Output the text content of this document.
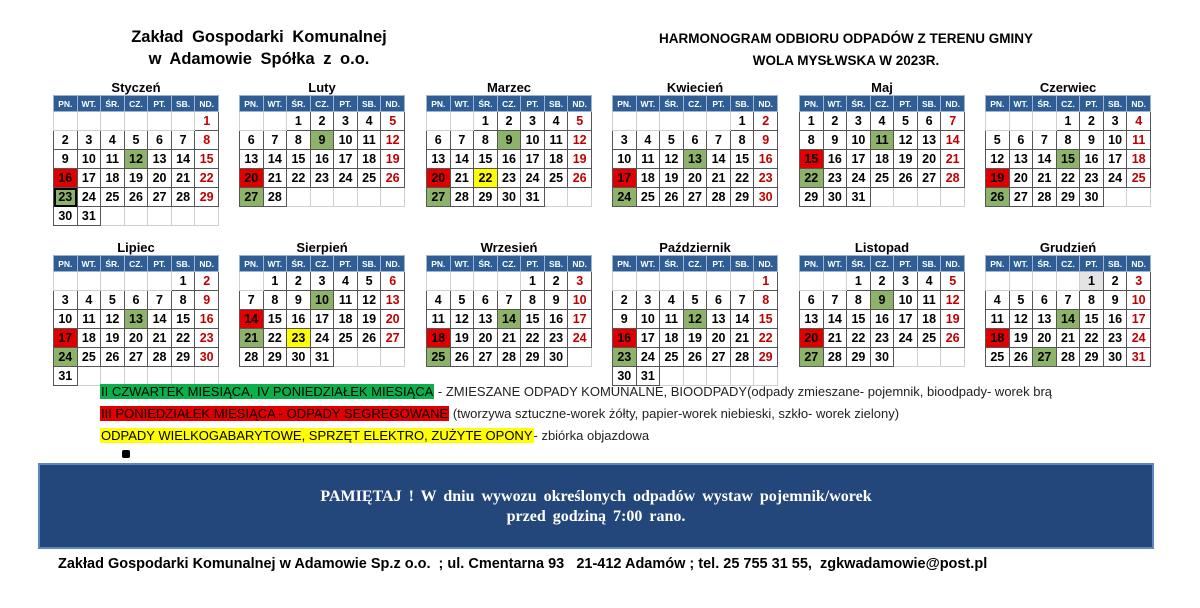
Zakład Gospodarki Komunalnej
w Adamowie Spółka z o.o.
HARMONOGRAM ODBIORU ODPADÓW Z TERENU GMINY
WOLA MYSŁWSKA W 2023R.
Styczeń
PN.	WT.	ŚR.	CZ.	PT.	SB.	ND.
						1
2	3	4	5	6	7	8
9	10	11	12	13	14	15
16	17	18	19	20	21	22
23	24	25	26	27	28	29
30	31					
Luty
PN.	WT.	ŚR.	CZ.	PT.	SB.	ND.
		1	2	3	4	5
6	7	8	9	10	11	12
13	14	15	16	17	18	19
20	21	22	23	24	25	26
27	28					
Marzec
PN.	WT.	ŚR.	CZ.	PT.	SB.	ND.
		1	2	3	4	5
6	7	8	9	10	11	12
13	14	15	16	17	18	19
20	21	22	23	24	25	26
27	28	29	30	31		
Kwiecień
PN.	WT.	ŚR.	CZ.	PT.	SB.	ND.
					1	2
3	4	5	6	7	8	9
10	11	12	13	14	15	16
17	18	19	20	21	22	23
24	25	26	27	28	29	30
Maj
PN.	WT.	ŚR.	CZ.	PT.	SB.	ND.
1	2	3	4	5	6	7
8	9	10	11	12	13	14
15	16	17	18	19	20	21
22	23	24	25	26	27	28
29	30	31				
Czerwiec
PN.	WT.	ŚR.	CZ.	PT.	SB.	ND.
			1	2	3	4
5	6	7	8	9	10	11
12	13	14	15	16	17	18
19	20	21	22	23	24	25
26	27	28	29	30		
Lipiec
PN.	WT.	ŚR.	CZ.	PT.	SB.	ND.
					1	2
3	4	5	6	7	8	9
10	11	12	13	14	15	16
17	18	19	20	21	22	23
24	25	26	27	28	29	30
31						
Sierpień
PN.	WT.	ŚR.	CZ.	PT.	SB.	ND.
	1	2	3	4	5	6
7	8	9	10	11	12	13
14	15	16	17	18	19	20
21	22	23	24	25	26	27
28	29	30	31			
Wrzesień
PN.	WT.	ŚR.	CZ.	PT.	SB.	ND.
				1	2	3
4	5	6	7	8	9	10
11	12	13	14	15	16	17
18	19	20	21	22	23	24
25	26	27	28	29	30	
Październik
PN.	WT.	ŚR.	CZ.	PT.	SB.	ND.
						1
2	3	4	5	6	7	8
9	10	11	12	13	14	15
16	17	18	19	20	21	22
23	24	25	26	27	28	29
30	31					
Listopad
PN.	WT.	ŚR.	CZ.	PT.	SB.	ND.
		1	2	3	4	5
6	7	8	9	10	11	12
13	14	15	16	17	18	19
20	21	22	23	24	25	26
27	28	29	30			
Grudzień
PN.	WT.	ŚR.	CZ.	PT.	SB.	ND.
				1	2	3
4	5	6	7	8	9	10
11	12	13	14	15	16	17
18	19	20	21	22	23	24
25	26	27	28	29	30	31
II CZWARTEK MIESIĄCA, IV PONIEDZIAŁEK MIESIĄCA - ZMIESZANE ODPADY KOMUNALNE, BIOODPADY(odpady zmieszane- pojemnik, bioodpady- worek brą
III PONIEDZIAŁEK MIESIĄCA - ODPADY SEGREGOWANE (tworzywa sztuczne-worek żółty, papier-worek niebieski, szkło- worek zielony)
ODPADY WIELKOGABARYTOWE, SPRZĘT ELEKTRO, ZUŻYTE OPONY- zbiórka objazdowa
PAMIĘTAJ ! W dniu wywozu określonych odpadów wystaw pojemnik/worek
przed godziną 7:00 rano.
Zakład Gospodarki Komunalnej w Adamowie Sp.z o.o.  ; ul. Cmentarna 93   21-412 Adamów ; tel. 25 755 31 55,  zgkwadamowie@post.pl
